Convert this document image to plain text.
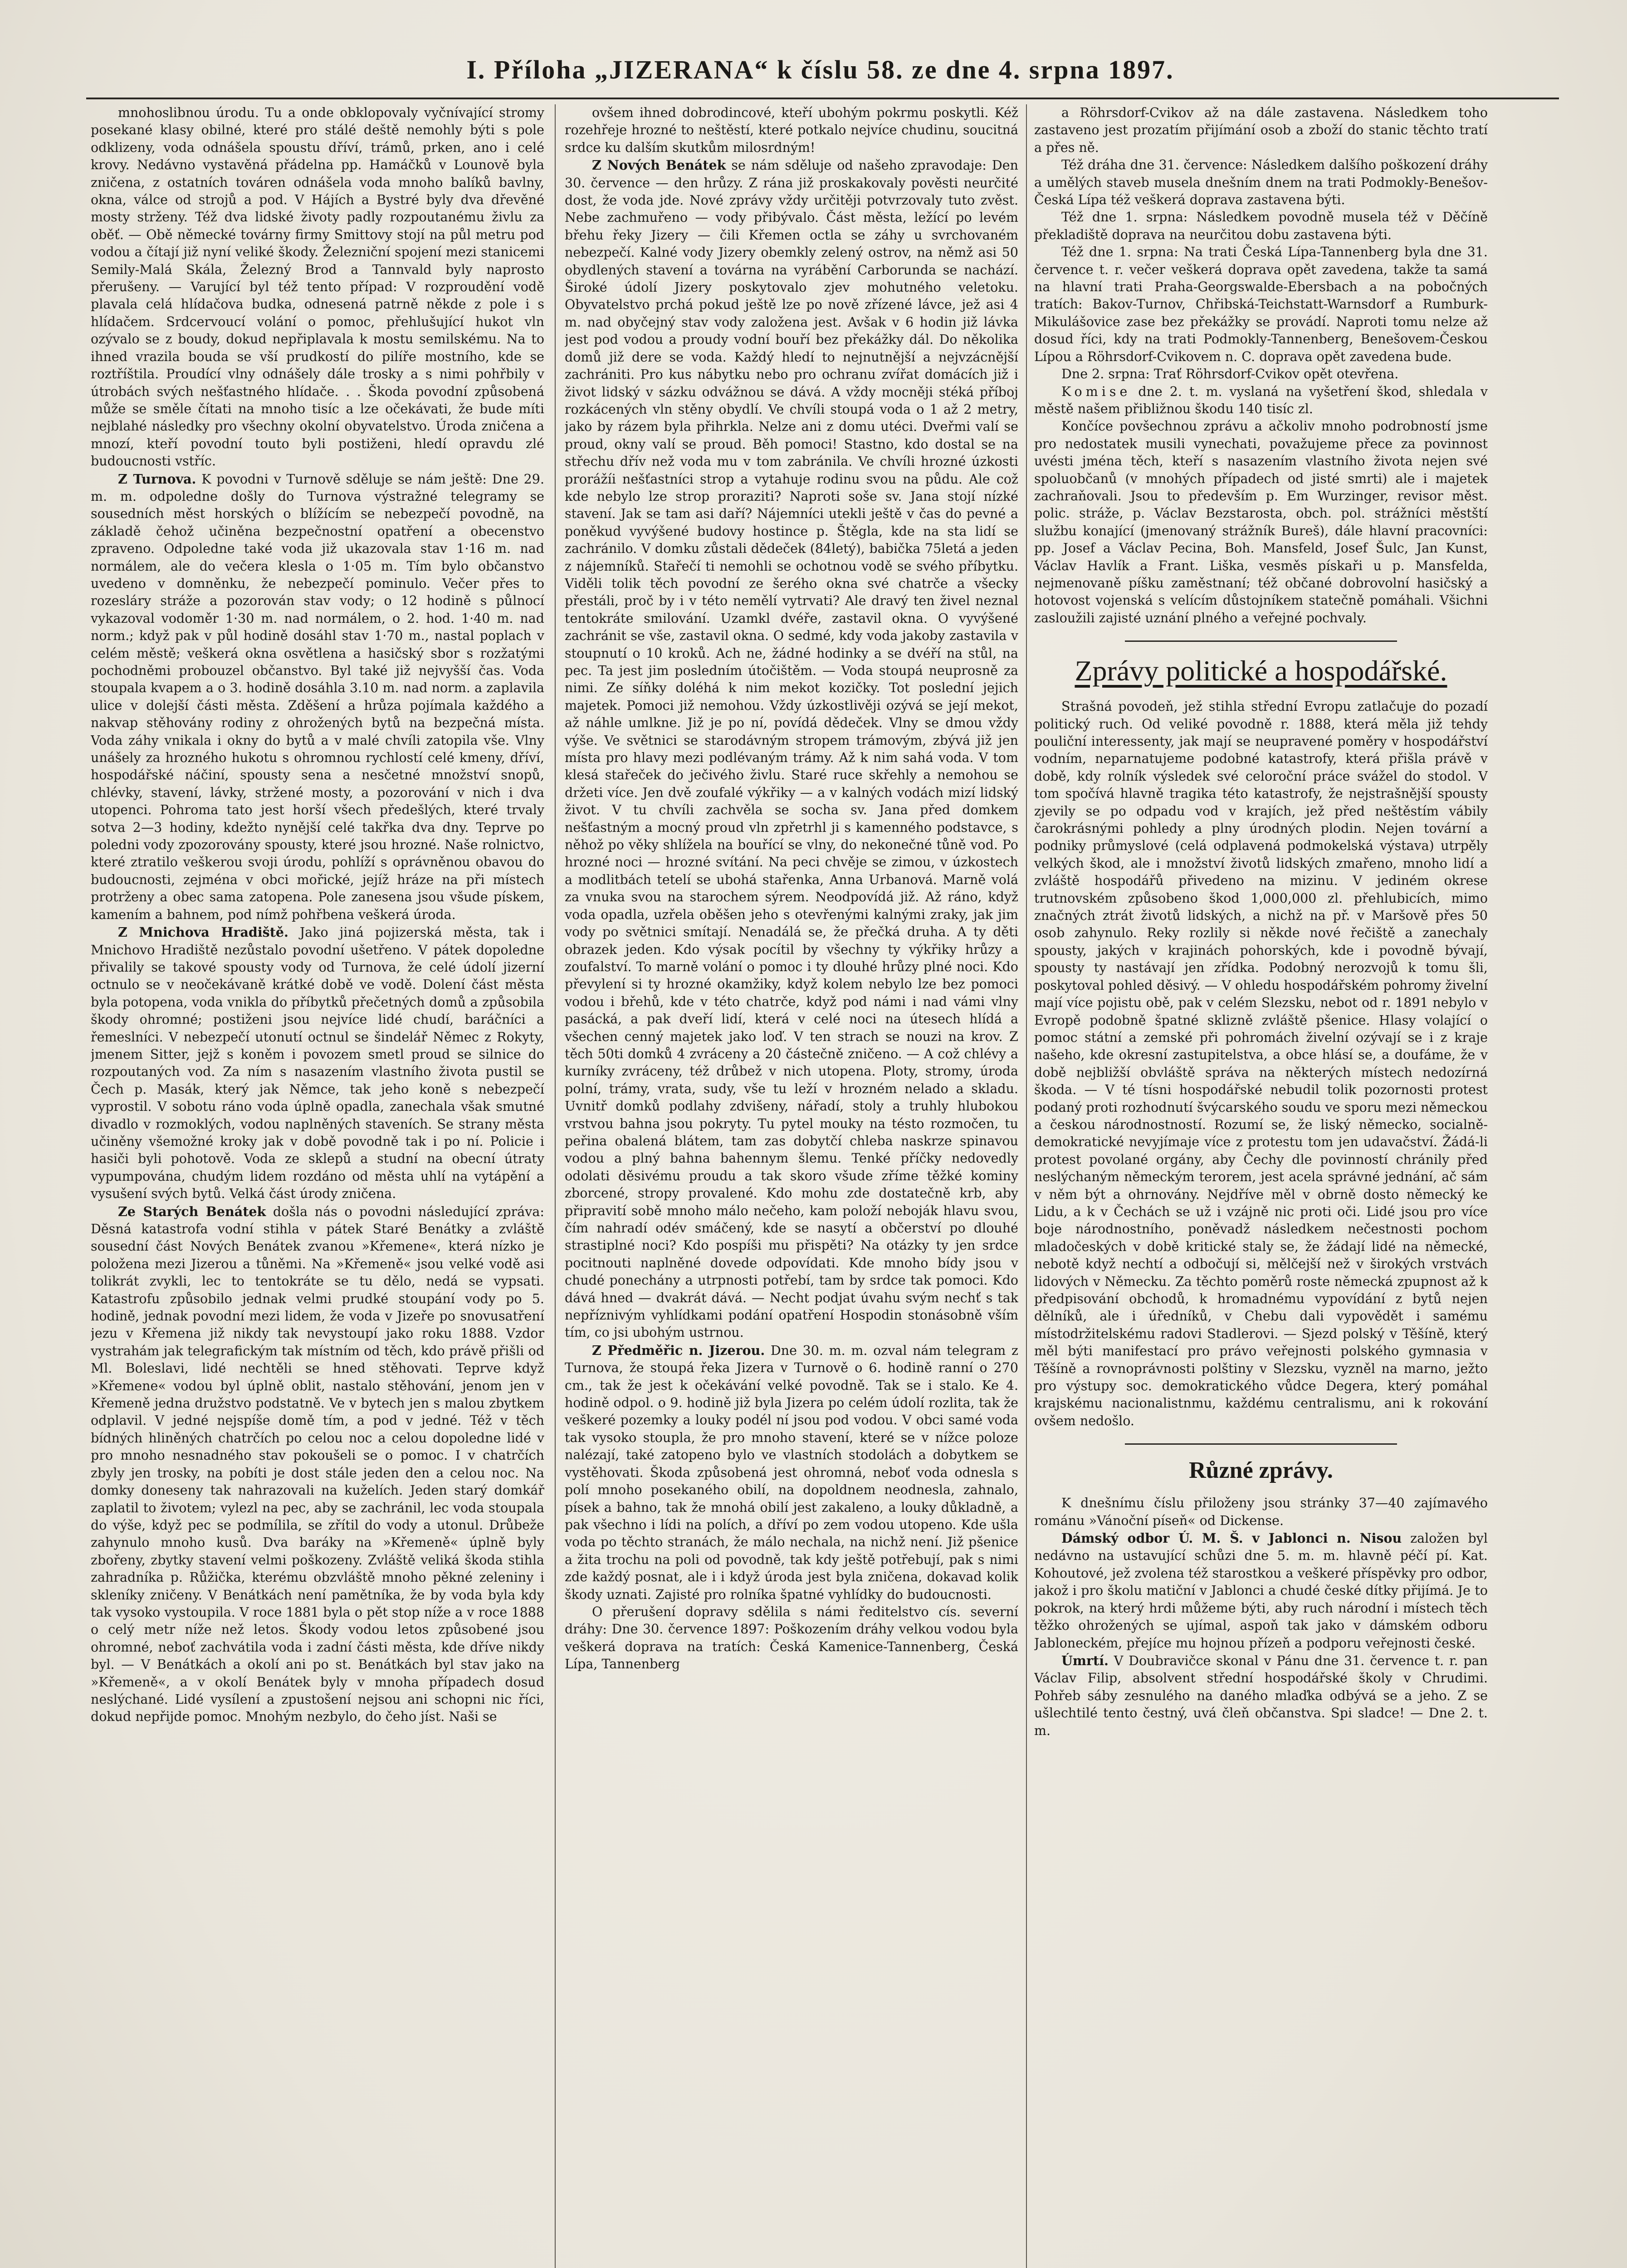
I. Příloha „JIZERANA“ k číslu 58. ze dne 4. srpna 1897.

mnohoslibnou úrodu. Tu a onde obklopovaly vyčnívající stromy posekané klasy obilné, které pro stálé deště nemohly býti s pole odklizeny, voda odnášela spoustu dříví, trámů, prken, ano i celé krovy. Nedávno vystavěná přádelna pp. Hamáčků v Lounově byla zničena, z ostatních továren odnášela voda mnoho balíků bavlny, okna, válce od strojů a pod. V Hájích a Bystré byly dva dřevěné mosty strženy. Též dva lidské životy padly rozpoutanému živlu za oběť. — Obě německé továrny firmy Smittovy stojí na půl metru pod vodou a čítají již nyní veliké škody. Železniční spojení mezi stanicemi Semily-Malá Skála, Železný Brod a Tannvald byly naprosto přerušeny. — Varující byl též tento případ: V rozproudění vodě plavala celá hlídačova budka, odnesená patrně někde z pole i s hlídačem. Srdcervoucí volání o pomoc, přehlušující hukot vln ozývalo se z boudy, dokud nepřiplavala k mostu semilskému. Na to ihned vrazila bouda se vší prudkostí do pilíře mostního, kde se roztříštila. Proudící vlny odnášely dále trosky a s nimi pohřbily v útrobách svých nešťastného hlídače. . . Škoda povodní způsobená může se směle čítati na mnoho tisíc a lze očekávati, že bude míti nejblahé následky pro všechny okolní obyvatelstvo. Úroda zničena a mnozí, kteří povodní touto byli postiženi, hledí opravdu zlé budoucnosti vstříc.

Z Turnova. K povodni v Turnově sděluje se nám ještě: Dne 29. m. m. odpoledne došly do Turnova výstražné telegramy se sousedních měst horských o blížícím se nebezpečí povodně, na základě čehož učiněna bezpečnostní opatření a obecenstvo zpraveno. Odpoledne také voda již ukazovala stav 1·16 m. nad normálem, ale do večera klesla o 1·05 m. Tím bylo občanstvo uvedeno v domněnku, že nebezpečí pominulo. Večer přes to rozesláry stráže a pozorován stav vody; o 12 hodině s půlnocí vykazoval vodoměr 1·30 m. nad normálem, o 2. hod. 1·40 m. nad norm.; když pak v půl hodině dosáhl stav 1·70 m., nastal poplach v celém městě; veškerá okna osvětlena a hasičský sbor s rozžatými pochodněmi probouzel občanstvo. Byl také již nejvyšší čas. Voda stoupala kvapem a o 3. hodině dosáhla 3.10 m. nad norm. a zaplavila ulice v dolejší části města. Zděšení a hrůza pojímala každého a nakvap stěhovány rodiny z ohrožených bytů na bezpečná místa. Voda záhy vnikala i okny do bytů a v malé chvíli zatopila vše. Vlny unášely za hrozného hukotu s ohromnou rychlostí celé kmeny, dříví, hospodářské náčiní, spousty sena a nesčetné množství snopů, chlévky, stavení, lávky, stržené mosty, a pozorování v nich i dva utopenci. Pohroma tato jest horší všech předešlých, které trvaly sotva 2—3 hodiny, kdežto nynější celé takřka dva dny. Teprve po poledni vody zpozorovány spousty, které jsou hrozné. Naše rolnictvo, které ztratilo veškerou svoji úrodu, pohlíží s oprávněnou obavou do budoucnosti, zejména v obci mořické, jejíž hráze na při místech protrženy a obec sama zatopena. Pole zanesena jsou všude pískem, kamením a bahnem, pod nímž pohřbena veškerá úroda.

Z Mnichova Hradiště. Jako jiná pojizerská města, tak i Mnichovo Hradiště nezůstalo povodní ušetřeno. V pátek dopoledne přivalily se takové spousty vody od Turnova, že celé údolí jizerní octnulo se v neočekávaně krátké době ve vodě. Dolení část města byla potopena, voda vnikla do příbytků přečetných domů a způsobila škody ohromné; postiženi jsou nejvíce lidé chudí, baráčníci a řemeslníci. V nebezpečí utonutí octnul se šindelář Němec z Rokyty, jmenem Sitter, jejž s koněm i povozem smetl proud se silnice do rozpoutaných vod. Za ním s nasazením vlastního života pustil se Čech p. Masák, který jak Němce, tak jeho koně s nebezpečí vyprostil. V sobotu ráno voda úplně opadla, zanechala však smutné divadlo v rozmoklých, vodou naplněných staveních. Se strany města učiněny všemožné kroky jak v době povodně tak i po ní. Policie i hasiči byli pohotově. Voda ze sklepů a studní na obecní útraty vypumpována, chudým lidem rozdáno od města uhlí na vytápění a vysušení svých bytů. Velká část úrody zničena.

Ze Starých Benátek došla nás o povodni následující zpráva: Děsná katastrofa vodní stihla v pátek Staré Benátky a zvláště sousední část Nových Benátek zvanou »Křemene«, která nízko je položena mezi Jizerou a tůněmi. Na »Křemeně« jsou velké vodě asi tolikrát zvykli, lec to tentokráte se tu dělo, nedá se vypsati. Katastrofu způsobilo jednak velmi prudké stoupání vody po 5. hodině, jednak povodní mezi lidem, že voda v Jizeře po snovusatření jezu v Křemena již nikdy tak nevystoupí jako roku 1888. Vzdor vystrahám jak telegrafickým tak místním od těch, kdo právě přišli od Ml. Boleslavi, lidé nechtěli se hned stěhovati. Teprve když »Křemene« vodou byl úplně oblit, nastalo stěhování, jenom jen v Křemeně jedna družstvo podstatně. Ve v bytech jen s malou zbytkem odplavil. V jedné nejspíše domě tím, a pod v jedné. Též v těch bídných hliněných chatrčích po celou noc a celou dopoledne lidé v pro mnoho nesnadného stav pokoušeli se o pomoc. I v chatrčích zbyly jen trosky, na pobíti je dost stále jeden den a celou noc. Na domky doneseny tak nahrazovali na kuželích. Jeden starý domkář zaplatil to životem; vylezl na pec, aby se zachránil, lec voda stoupala do výše, když pec se podmílila, se zřítil do vody a utonul. Drůbeže zahynulo mnoho kusů. Dva baráky na »Křemeně« úplně byly zbořeny, zbytky stavení velmi poškozeny. Zvláště veliká škoda stihla zahradníka p. Růžička, kterému obzvláště mnoho pěkné zeleniny i skleníky zničeny. V Benátkách není pamětníka, že by voda byla kdy tak vysoko vystoupila. V roce 1881 byla o pět stop níže a v roce 1888 o celý metr níže než letos. Škody vodou letos způsobené jsou ohromné, neboť zachvátila voda i zadní části města, kde dříve nikdy byl. — V Benátkách a okolí ani po st. Benátkách byl stav jako na »Křemeně«, a v okolí Benátek byly v mnoha případech dosud neslýchané. Lidé vysílení a zpustošení nejsou ani schopni nic říci, dokud nepřijde pomoc. Mnohým nezbylo, do čeho jíst. Naši se

ovšem ihned dobrodincové, kteří ubohým pokrmu poskytli. Kéž rozehřeje hrozné to neštěstí, které potkalo nejvíce chudinu, soucitná srdce ku dalším skutkům milosrdným!

Z Nových Benátek se nám sděluje od našeho zpravodaje: Den 30. července — den hrůzy. Z rána již proskakovaly pověsti neurčité dost, že voda jde. Nové zprávy vždy určitěji potvrzovaly tuto zvěst. Nebe zachmuřeno — vody přibývalo. Část města, ležící po levém břehu řeky Jizery — čili Křemen octla se záhy u svrchovaném nebezpečí. Kalné vody Jizery obemkly zelený ostrov, na němž asi 50 obydlených stavení a továrna na vyrábění Carborunda se nachází. Široké údolí Jizery poskytovalo zjev mohutného veletoku. Obyvatelstvo prchá pokud ještě lze po nově zřízené lávce, jež asi 4 m. nad obyčejný stav vody založena jest. Avšak v 6 hodin již lávka jest pod vodou a proudy vodní bouří bez překážky dál. Do několika domů již dere se voda. Každý hledí to nejnutnější a nejvzácnější zachrániti. Pro kus nábytku nebo pro ochranu zvířat domácích již i život lidský v sázku odvážnou se dává. A vždy mocněji stéká příboj rozkácených vln stěny obydlí. Ve chvíli stoupá voda o 1 až 2 metry, jako by rázem byla přihrkla. Nelze ani z domu utéci. Dveřmi valí se proud, okny valí se proud. Běh pomoci! Stastno, kdo dostal se na střechu dřív než voda mu v tom zabránila. Ve chvíli hrozné úzkosti prorážíi nešťastníci strop a vytahuje rodinu svou na půdu. Ale což kde nebylo lze strop proraziti? Naproti soše sv. Jana stojí nízké stavení. Jak se tam asi daří? Nájemníci utekli ještě v čas do pevné a poněkud vyvýšené budovy hostince p. Štěgla, kde na sta lidí se zachránilo. V domku zůstali dědeček (84letý), babička 75letá a jeden z nájemníků. Stařečí ti nemohli se ochotnou vodě se svého příbytku. Viděli tolik těch povodní ze šerého okna své chatrče a všecky přestáli, proč by i v této nemělí vytrvati? Ale dravý ten živel neznal tentokráte smilování. Uzamkl dvéře, zastavil okna. O vyvýšené zachránit se vše, zastavil okna. O sedmé, kdy voda jakoby zastavila v stoupnutí o 10 kroků. Ach ne, žádné hodinky a se dvéří na stůl, na pec. Ta jest jim posledním útočištěm. — Voda stoupá neuprosně za nimi. Ze síňky doléhá k nim mekot kozičky. Tot poslední jejich majetek. Pomoci již nemohou. Vždy úzkostlivěji ozývá se její mekot, až náhle umlkne. Již je po ní, povídá dědeček. Vlny se dmou vždy výše. Ve světnici se starodávným stropem trámovým, zbývá již jen místa pro hlavy mezi podlévaným trámy. Až k nim sahá voda. V tom klesá stařeček do ječivého živlu. Staré ruce skřehly a nemohou se držeti více. Jen dvě zoufalé výkřiky — a v kalných vodách mizí lidský život. V tu chvíli zachvěla se socha sv. Jana před domkem nešťastným a mocný proud vln zpřetrhl ji s kamenného podstavce, s něhož po věky shlížela na bouřící se vlny, do nekonečné tůně vod. Po hrozné noci — hrozné svítání. Na peci chvěje se zimou, v úzkostech a modlitbách tetelí se ubohá stařenka, Anna Urbanová. Marně volá za vnuka svou na starochem sýrem. Neodpovídá již. Až ráno, když voda opadla, uzřela oběšen jeho s otevřenými kalnými zraky, jak jim vody po světnici smítají. Nenadálá se, že přečká druha. A ty děti obrazek jeden. Kdo výsak pocítil by všechny ty výkřiky hrůzy a zoufalství. To marně volání o pomoc i ty dlouhé hrůzy plné noci. Kdo převylení si ty hrozné okamžiky, když kolem nebylo lze bez pomoci vodou i břehů, kde v této chatrče, když pod námi i nad vámi vlny pasácká, a pak dveří lidí, která v celé noci na útesech hlídá a všechen cenný majetek jako loď. V ten strach se nouzi na krov. Z těch 50ti domků 4 zvráceny a 20 částečně zničeno. — A což chlévy a kurníky zvráceny, též drůbež v nich utopena. Ploty, stromy, úroda polní, trámy, vrata, sudy, vše tu leží v hrozném nelado a skladu. Uvnitř domků podlahy zdvišeny, nářadí, stoly a truhly hlubokou vrstvou bahna jsou pokryty. Tu pytel mouky na tésto rozmočen, tu peřina obalená blátem, tam zas dobytčí chleba naskrze spinavou vodou a plný bahna bahennym šlemu. Tenké příčky nedovedly odolati děsivému proudu a tak skoro všude zříme těžké kominy zborcené, stropy provalené. Kdo mohu zde dostatečně krb, aby připravití sobě mnoho málo nečeho, kam položí neboják hlavu svou, čím nahradí odév smáčený, kde se nasytí a občerství po dlouhé strastiplné noci? Kdo pospíši mu přispěti? Na otázky ty jen srdce pocitnouti naplněné dovede odpovídati. Kde mnoho bídy jsou v chudé ponechány a utrpnosti potřebí, tam by srdce tak pomoci. Kdo dává hned — dvakrát dává. — Necht podjat úvahu svým nechť s tak nepříznivým vyhlídkami podání opatření Hospodin stonásobně vším tím, co jsi ubohým ustrnou.

Z Předměřic n. Jizerou. Dne 30. m. m. ozval nám telegram z Turnova, že stoupá řeka Jizera v Turnově o 6. hodině ranní o 270 cm., tak že jest k očekávání velké povodně. Tak se i stalo. Ke 4. hodině odpol. o 9. hodině již byla Jizera po celém údolí rozlita, tak že veškeré pozemky a louky podél ní jsou pod vodou. V obci samé voda tak vysoko stoupla, že pro mnoho stavení, které se v nížce poloze nalézají, také zatopeno bylo ve vlastních stodolách a dobytkem se vystěhovati. Škoda způsobená jest ohromná, neboť voda odnesla s polí mnoho posekaného obilí, na dopoldnem neodnesla, zahnalo, písek a bahno, tak že mnohá obilí jest zakaleno, a louky důkladně, a pak všechno i lídi na polích, a dříví po zem vodou utopeno. Kde ušla voda po těchto stranách, že málo nechala, na nichž není. Již pšenice a žita trochu na poli od povodně, tak kdy ještě potřebují, pak s nimi zde každý posnat, ale i i když úroda jest byla zničena, dokavad kolik škody uznati. Zajisté pro rolníka špatné vyhlídky do budoucnosti.

O přerušení dopravy sdělila s námi ředitelstvo cís. severní dráhy: Dne 30. července 1897: Poškozením dráhy velkou vodou byla veškerá doprava na tratích: Česká Kamenice-Tannenberg, Česká Lípa, Tannenberg

a Röhrsdorf-Cvikov až na dále zastavena. Následkem toho zastaveno jest prozatím přijímání osob a zboží do stanic těchto tratí a přes ně.

Též dráha dne 31. července: Následkem dalšího poškození dráhy a umělých staveb musela dnešním dnem na trati Podmokly-Benešov-Česká Lípa též veškerá doprava zastavena býti.

Též dne 1. srpna: Následkem povodně musela též v Děčíně překladiště doprava na neurčitou dobu zastavena býti.

Též dne 1. srpna: Na trati Česká Lípa-Tannenberg byla dne 31. července t. r. večer veškerá doprava opět zavedena, takže ta samá na hlavní trati Praha-Georgswalde-Ebersbach a na pobočných tratích: Bakov-Turnov, Chřibská-Teichstatt-Warnsdorf a Rumburk-Mikulášovice zase bez překážky se provádí. Naproti tomu nelze až dosud říci, kdy na trati Podmokly-Tannenberg, Benešovem-Českou Lípou a Röhrsdorf-Cvikovem n. C. doprava opět zavedena bude.

Dne 2. srpna: Trať Röhrsdorf-Cvikov opět otevřena.

Komise dne 2. t. m. vyslaná na vyšetření škod, shledala v městě našem přibližnou škodu 140 tisíc zl.

Končíce povšechnou zprávu a ačkoliv mnoho podrobností jsme pro nedostatek musili vynechati, považujeme přece za povinnost uvésti jména těch, kteří s nasazením vlastního života nejen své spoluobčanů (v mnohých případech od jisté smrti) ale i majetek zachraňovali. Jsou to především p. Em Wurzinger, revisor měst. polic. stráže, p. Václav Bezstarosta, obch. pol. strážníci městští službu konající (jmenovaný strážník Bureš), dále hlavní pracovníci: pp. Josef a Václav Pecina, Boh. Mansfeld, Josef Šulc, Jan Kunst, Václav Havlík a Frant. Liška, vesměs pískaři u p. Mansfelda, nejmenovaně píšku zaměstnaní; též občané dobrovolní hasičský a hotovost vojenská s velícím důstojníkem statečně pomáhali. Všichni zasloužili zajisté uznání plného a veřejné pochvaly.

Zprávy politické a hospodářské.

Strašná povodeň, jež stihla střední Evropu zatlačuje do pozadí politický ruch. Od veliké povodně r. 1888, která měla již tehdy pouliční interessenty, jak mají se neupravené poměry v hospodářství vodním, neparnatujeme podobné katastrofy, která přišla právě v době, kdy rolník výsledek své celoroční práce svážel do stodol. V tom spočívá hlavně tragika této katastrofy, že nejstrašnější spousty zjevily se po odpadu vod v krajích, jež před neštěstím vábily čarokrásnými pohledy a plny úrodných plodin. Nejen tovární a podniky průmyslové (celá odplavená podmokelská výstava) utrpěly velkých škod, ale i množství životů lidských zmařeno, mnoho lidí a zvláště hospodářů přivedeno na mizinu. V jediném okrese trutnovském způsobeno škod 1,000,000 zl. přehlubicích, mimo značných ztrát životů lidských, a nichž na př. v Maršově přes 50 osob zahynulo. Reky rozlily si někde nové řečiště a zanechaly spousty, jakých v krajinách pohorských, kde i povodně bývají, spousty ty nastávají jen zřídka. Podobný nerozvojů k tomu šli, poskytoval pohled děsivý. — V ohledu hospodářském pohromy živelní mají více pojistu obě, pak v celém Slezsku, nebot od r. 1891 nebylo v Evropě podobně špatné sklizně zvláště pšenice. Hlasy volající o pomoc státní a zemské při pohromách živelní ozývají se i z kraje našeho, kde okresní zastupitelstva, a obce hlásí se, a doufáme, že v době nejbližší obvláště správa na některých místech nedozírná škoda. — V té tísni hospodářské nebudil tolik pozornosti protest podaný proti rozhodnutí švýcarského soudu ve sporu mezi německou a českou národnostností. Rozumí se, že liský německo, socialně-demokratické nevyjímaje více z protestu tom jen udavačství. Žádá-li protest povolané orgány, aby Čechy dle povinností chránily před neslýchaným německým terorem, jest acela správné jednání, ač sám v něm být a ohrnovány. Nejdříve měl v obrně dosto německý ke Lidu, a k v Čechách se už i vzájně nic proti oči. Lidé jsou pro více boje národnostního, poněvadž následkem nečestnosti pochom mladočeských v době kritické staly se, že žádají lidé na německé, nebotě když nechtí a odbočují si, mělčejší než v širokých vrstvách lidových v Německu. Za těchto poměrů roste německá zpupnost až k předpisování obchodů, k hromadnému vypovídání z bytů nejen dělníků, ale i úředníků, v Chebu dali vypovědět i samému místodržitelskému radovi Stadlerovi. — Sjezd polský v Těšíně, který měl býti manifestací pro právo veřejnosti polského gymnasia v Těšíně a rovnoprávnosti polštiny v Slezsku, vyzněl na marno, ježto pro výstupy soc. demokratického vůdce Degera, který pomáhal krajskému nacionalistnmu, každému centralismu, ani k rokování ovšem nedošlo.

Různé zprávy.

K dnešnímu číslu přiloženy jsou stránky 37—40 zajímavého románu »Vánoční píseň« od Dickense.

Dámský odbor Ú. M. Š. v Jablonci n. Nisou založen byl nedávno na ustavující schůzi dne 5. m. m. hlavně péčí pí. Kat. Kohoutové, jež zvolena též starostkou a veškeré příspěvky pro odbor, jakož i pro školu matiční v Jablonci a chudé české dítky přijímá. Je to pokrok, na který hrdi můžeme býti, aby ruch národní i místech těch těžko ohrožených se ujímal, aspoň tak jako v dámském odboru Jabloneckém, přejíce mu hojnou přízeň a podporu veřejnosti české.

Úmrtí. V Doubravičce skonal v Pánu dne 31. července t. r. pan Václav Filip, absolvent střední hospodářské školy v Chrudimi. Pohřeb sáby zesnulého na daného mlaďka odbývá se a jeho. Z se ušlechtilé tento čestný, uvá čleň občanstva. Spi sladce! — Dne 2. t. m.
